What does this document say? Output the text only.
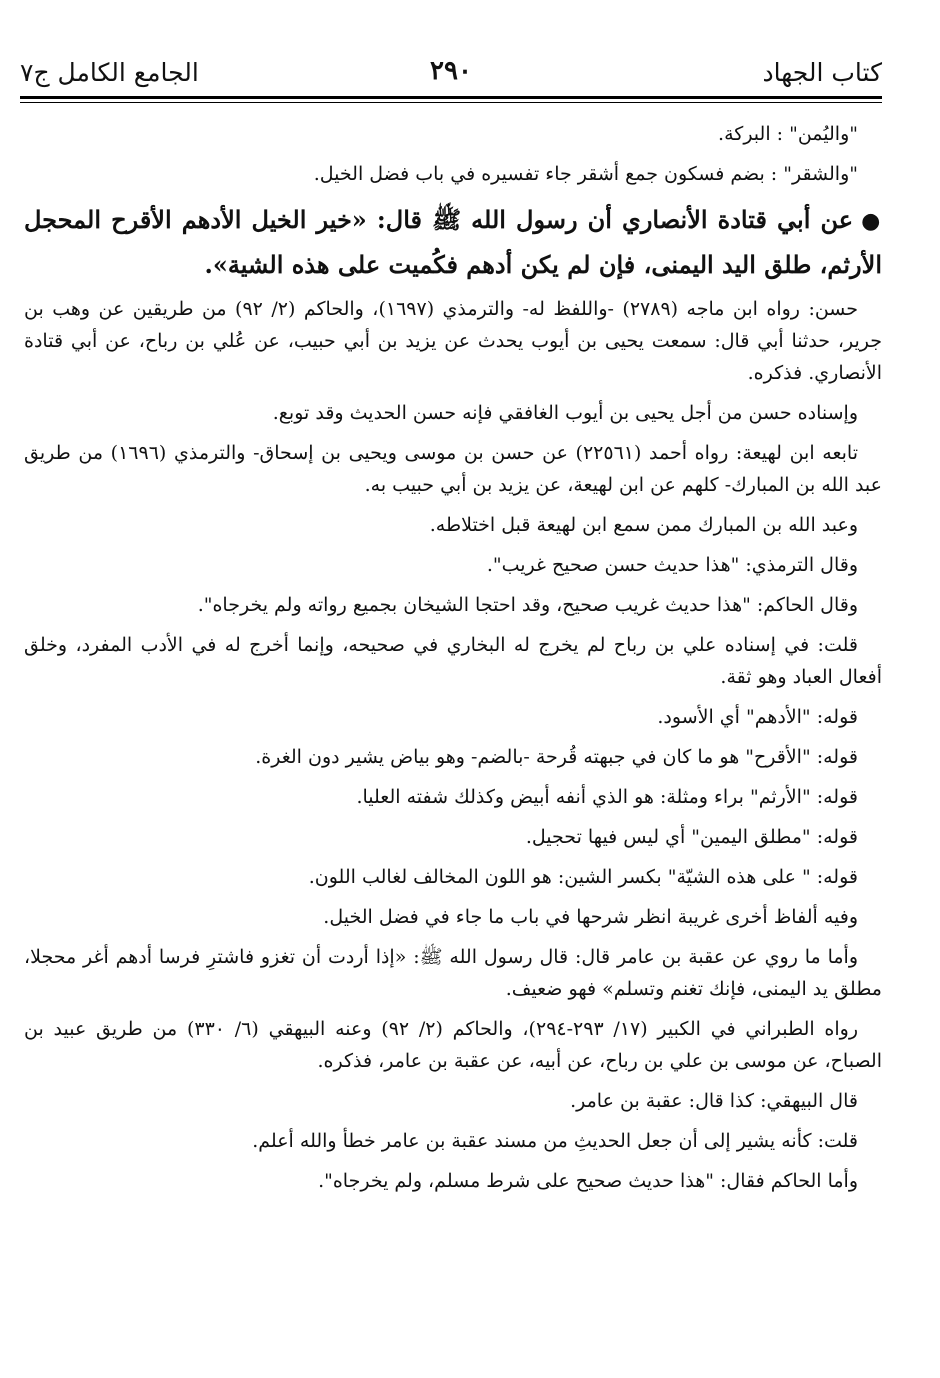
كتاب الجهاد
٢٩٠
الجامع الكامل ج٧

"واليُمن" : البركة.

"والشقر" : بضم فسكون جمع أشقر جاء تفسيره في باب فضل الخيل.

●عن أبي قتادة الأنصاري أن رسول الله ﷺ قال: «خير الخيل الأدهم الأقرح المحجل الأرثم، طلق اليد اليمنى، فإن لم يكن أدهم فكُميت على هذه الشية».

حسن: رواه ابن ماجه (٢٧٨٩) -واللفظ له- والترمذي (١٦٩٧)، والحاكم (٢/ ٩٢) من طريقين عن وهب بن جرير، حدثنا أبي قال: سمعت يحيى بن أيوب يحدث عن يزيد بن أبي حبيب، عن عُلي بن رباح، عن أبي قتادة الأنصاري. فذكره.

وإسناده حسن من أجل يحيى بن أيوب الغافقي فإنه حسن الحديث وقد توبع.

تابعه ابن لهيعة: رواه أحمد (٢٢٥٦١) عن حسن بن موسى ويحيى بن إسحاق- والترمذي (١٦٩٦) من طريق عبد الله بن المبارك- كلهم عن ابن لهيعة، عن يزيد بن أبي حبيب به.

وعبد الله بن المبارك ممن سمع ابن لهيعة قبل اختلاطه.

وقال الترمذي: "هذا حديث حسن صحيح غريب".

وقال الحاكم: "هذا حديث غريب صحيح، وقد احتجا الشيخان بجميع رواته ولم يخرجاه".

قلت: في إسناده علي بن رباح لم يخرج له البخاري في صحيحه، وإنما أخرج له في الأدب المفرد، وخلق أفعال العباد وهو ثقة.

قوله: "الأدهم" أي الأسود.

قوله: "الأقرح" هو ما كان في جبهته قُرحة -بالضم- وهو بياض يشير دون الغرة.

قوله: "الأرثم" براء ومثلة: هو الذي أنفه أبيض وكذلك شفته العليا.

قوله: "مطلق اليمين" أي ليس فيها تحجيل.

قوله: " على هذه الشيّة" بكسر الشين: هو اللون المخالف لغالب اللون.

وفيه ألفاظ أخرى غريبة انظر شرحها في باب ما جاء في فضل الخيل.

وأما ما روي عن عقبة بن عامر قال: قال رسول الله ﷺ: «إذا أردت أن تغزو فاشترِ فرسا أدهم أغر محجلا، مطلق يد اليمنى، فإنك تغنم وتسلم» فهو ضعيف.

رواه الطبراني في الكبير (١٧/ ٢٩٣-٢٩٤)، والحاكم (٢/ ٩٢) وعنه البيهقي (٦/ ٣٣٠) من طريق عبيد بن الصباح، عن موسى بن علي بن رباح، عن أبيه، عن عقبة بن عامر، فذكره.

قال البيهقي: كذا قال: عقبة بن عامر.

قلت: كأنه يشير إلى أن جعل الحديثِ من مسند عقبة بن عامر خطأ والله أعلم.

وأما الحاكم فقال: "هذا حديث صحيح على شرط مسلم، ولم يخرجاه".
